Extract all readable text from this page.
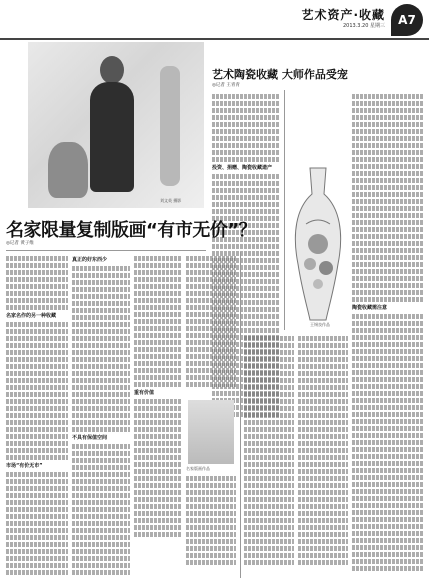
艺术资产·收藏
2013.3.20 星期三	A7
刘文英 摄影
艺术陶瓷收藏 大师作品受宠
◎记者 王青青
投资、捐赠、陶瓷收藏遗产
陶瓷收藏需注意
王锡良作品
名家限量复制版画“有市无价”？
◎记者 黄子维
名家名作的另一种收藏
市场“有价无市”
真正的好东西少
不具有保值空间
重有价值
名家版画作品
